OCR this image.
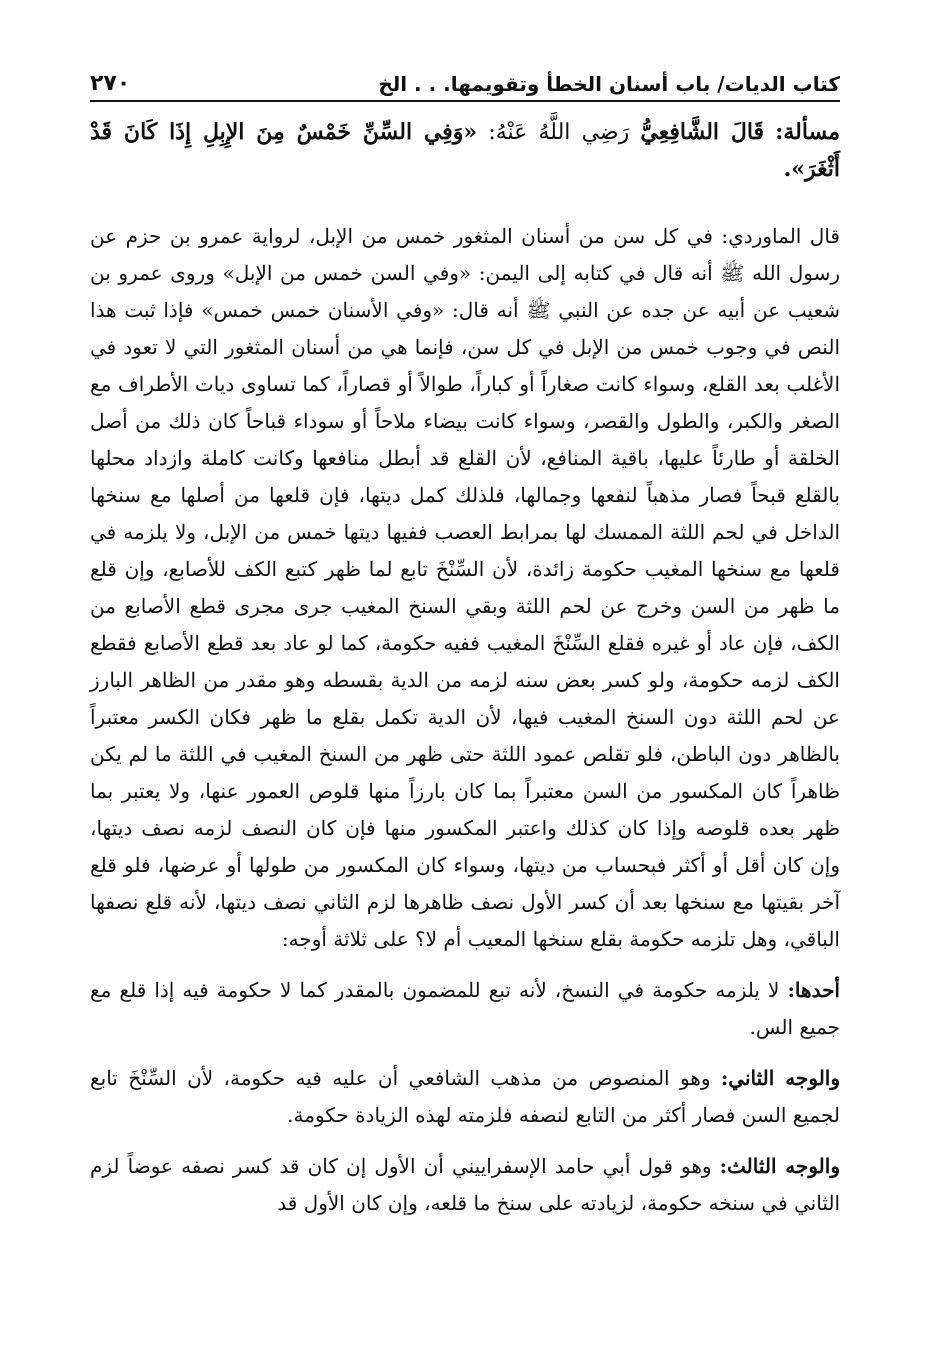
كتاب الديات/ باب أسنان الخطأ وتقويمها. . . الخ
٢٧٠

مسألة: قَالَ الشَّافِعِيُّ رَضِي اللَّهُ عَنْهُ: «وَفِي السِّنِّ خَمْسٌ مِنَ الإِبِلِ إِذَا كَانَ قَدْ أَثْغَرَ».

قال الماوردي: في كل سن من أسنان المثغور خمس من الإبل، لرواية عمرو بن حزم عن رسول الله ﷺ أنه قال في كتابه إلى اليمن: «وفي السن خمس من الإبل» وروى عمرو بن شعيب عن أبيه عن جده عن النبي ﷺ أنه قال: «وفي الأسنان خمس خمس» فإذا ثبت هذا النص في وجوب خمس من الإبل في كل سن، فإنما هي من أسنان المثغور التي لا تعود في الأغلب بعد القلع، وسواء كانت صغاراً أو كباراً، طوالاً أو قصاراً، كما تساوى ديات الأطراف مع الصغر والكبر، والطول والقصر، وسواء كانت بيضاء ملاحاً أو سوداء قباحاً كان ذلك من أصل الخلقة أو طارئاً عليها، باقية المنافع، لأن القلع قد أبطل منافعها وكانت كاملة وازداد محلها بالقلع قبحاً فصار مذهباً لنفعها وجمالها، فلذلك كمل ديتها، فإن قلعها من أصلها مع سنخها الداخل في لحم اللثة الممسك لها بمرابط العصب ففيها ديتها خمس من الإبل، ولا يلزمه في قلعها مع سنخها المغيب حكومة زائدة، لأن السِّنْخَ تابع لما ظهر كتبع الكف للأصابع، وإن قلع ما ظهر من السن وخرج عن لحم اللثة وبقي السنخ المغيب جرى مجرى قطع الأصابع من الكف، فإن عاد أو غيره فقلع السِّنْخَ المغيب ففيه حكومة، كما لو عاد بعد قطع الأصابع فقطع الكف لزمه حكومة، ولو كسر بعض سنه لزمه من الدية بقسطه وهو مقدر من الظاهر البارز عن لحم اللثة دون السنخ المغيب فيها، لأن الدية تكمل بقلع ما ظهر فكان الكسر معتبراً بالظاهر دون الباطن، فلو تقلص عمود اللثة حتى ظهر من السنخ المغيب في اللثة ما لم يكن ظاهراً كان المكسور من السن معتبراً بما كان بارزاً منها قلوص العمور عنها، ولا يعتبر بما ظهر بعده قلوصه وإذا كان كذلك واعتبر المكسور منها فإن كان النصف لزمه نصف ديتها، وإن كان أقل أو أكثر فبحساب من ديتها، وسواء كان المكسور من طولها أو عرضها، فلو قلع آخر بقيتها مع سنخها بعد أن كسر الأول نصف ظاهرها لزم الثاني نصف ديتها، لأنه قلع نصفها الباقي، وهل تلزمه حكومة بقلع سنخها المعيب أم لا؟ على ثلاثة أوجه:

أحدها: لا يلزمه حكومة في النسخ، لأنه تبع للمضمون بالمقدر كما لا حكومة فيه إذا قلع مع جميع الس.

والوجه الثاني: وهو المنصوص من مذهب الشافعي أن عليه فيه حكومة، لأن السِّنْخَ تابع لجميع السن فصار أكثر من التابع لنصفه فلزمته لهذه الزيادة حكومة.

والوجه الثالث: وهو قول أبي حامد الإسفراييني أن الأول إن كان قد كسر نصفه عوضاً لزم الثاني في سنخه حكومة، لزيادته على سنخ ما قلعه، وإن كان الأول قد
